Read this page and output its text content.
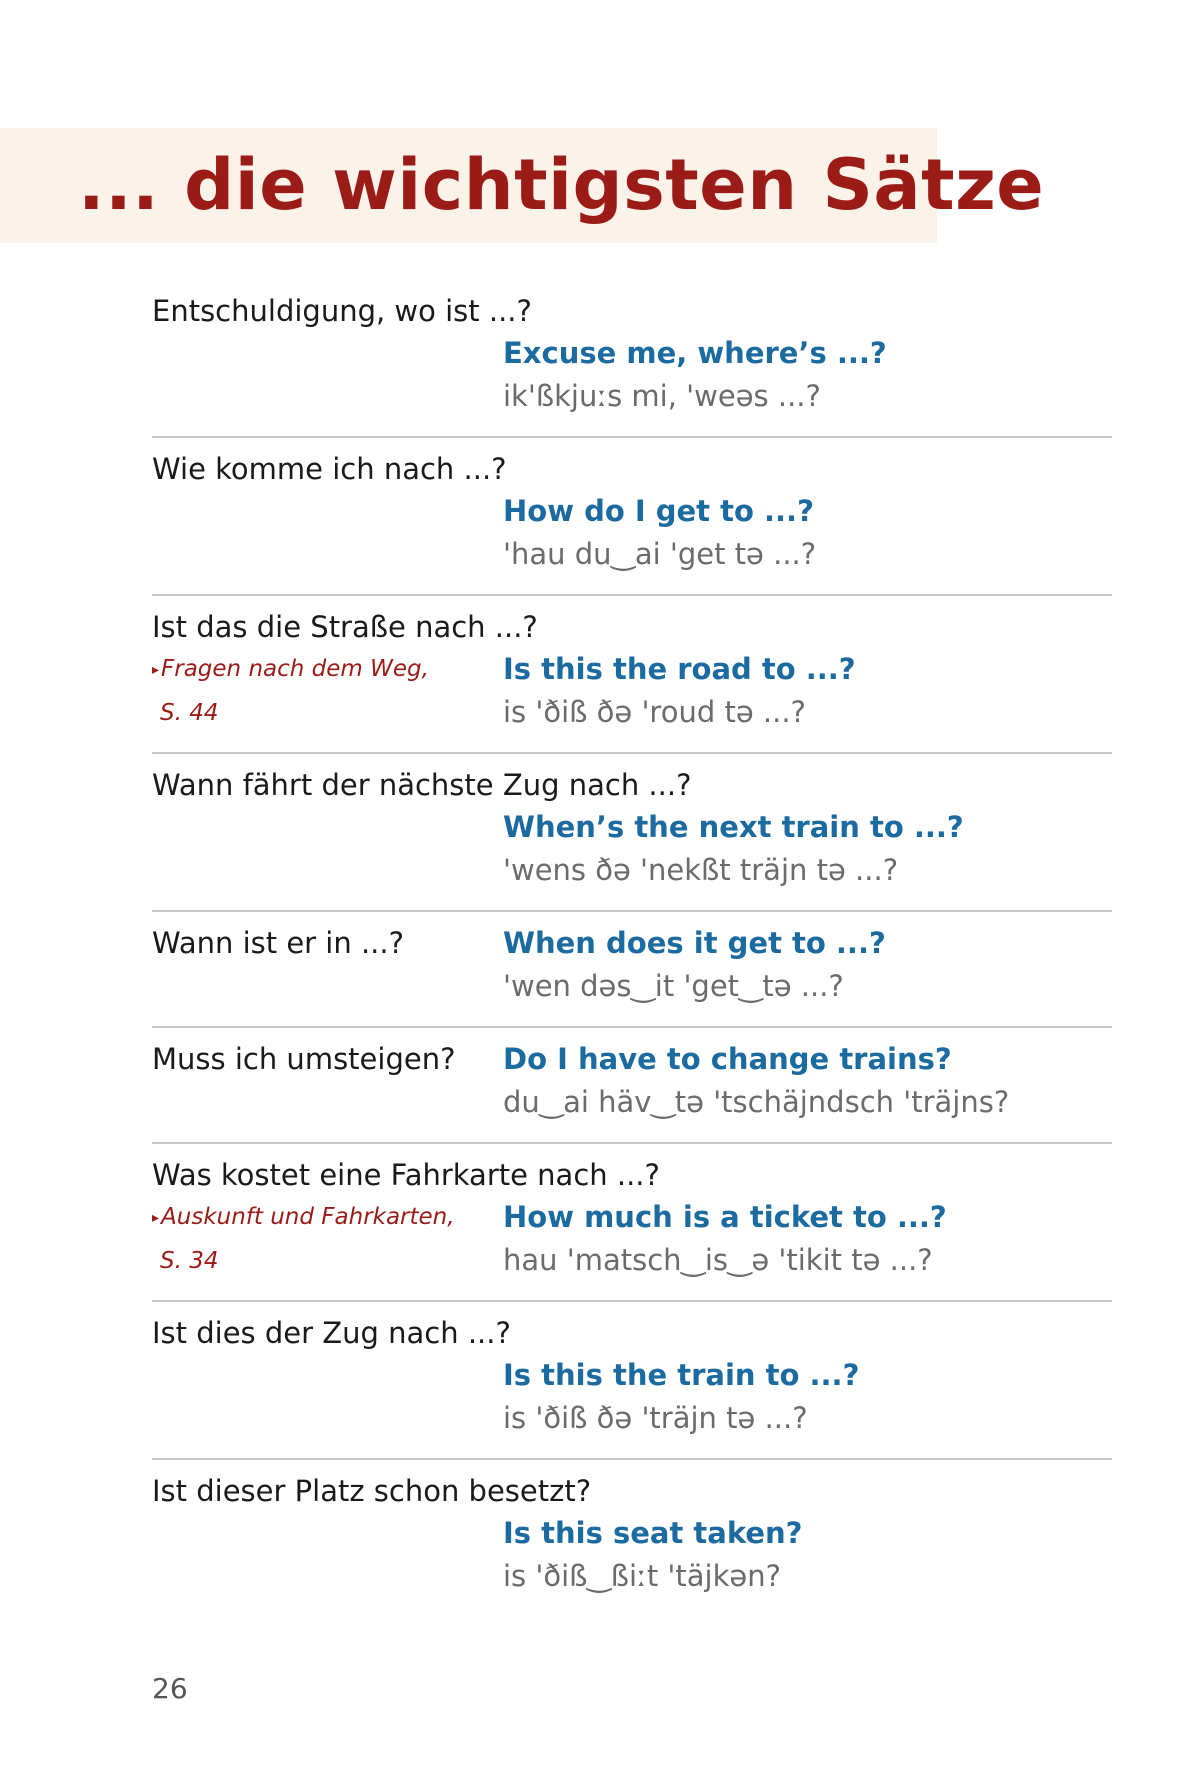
... die wichtigsten Sätze
Entschuldigung, wo ist ...?
Excuse me, where’s ...?
ik'ßkjuːs mi, 'weəs ...?
Wie komme ich nach ...?
How do I get to ...?
'hau du‿ai 'get tə ...?
Ist das die Straße nach ...?
▸Fragen nach dem Weg,
S. 44
Is this the road to ...?
is 'ðiß ðə 'roud tə ...?
Wann fährt der nächste Zug nach ...?
When’s the next train to ...?
'wens ðə 'nekßt träjn tə ...?
Wann ist er in ...?	When does it get to ...?
'wen dəs‿it 'get‿tə ...?
Muss ich umsteigen?	Do I have to change trains?
du‿ai häv‿tə 'tschäjndsch 'träjns?
Was kostet eine Fahrkarte nach ...?
▸Auskunft und Fahrkarten,
S. 34
How much is a ticket to ...?
hau 'matsch‿is‿ə 'tikit tə ...?
Ist dies der Zug nach ...?
Is this the train to ...?
is 'ðiß ðə 'träjn tə ...?
Ist dieser Platz schon besetzt?
Is this seat taken?
is 'ðiß‿ßiːt 'täjkən?
26
